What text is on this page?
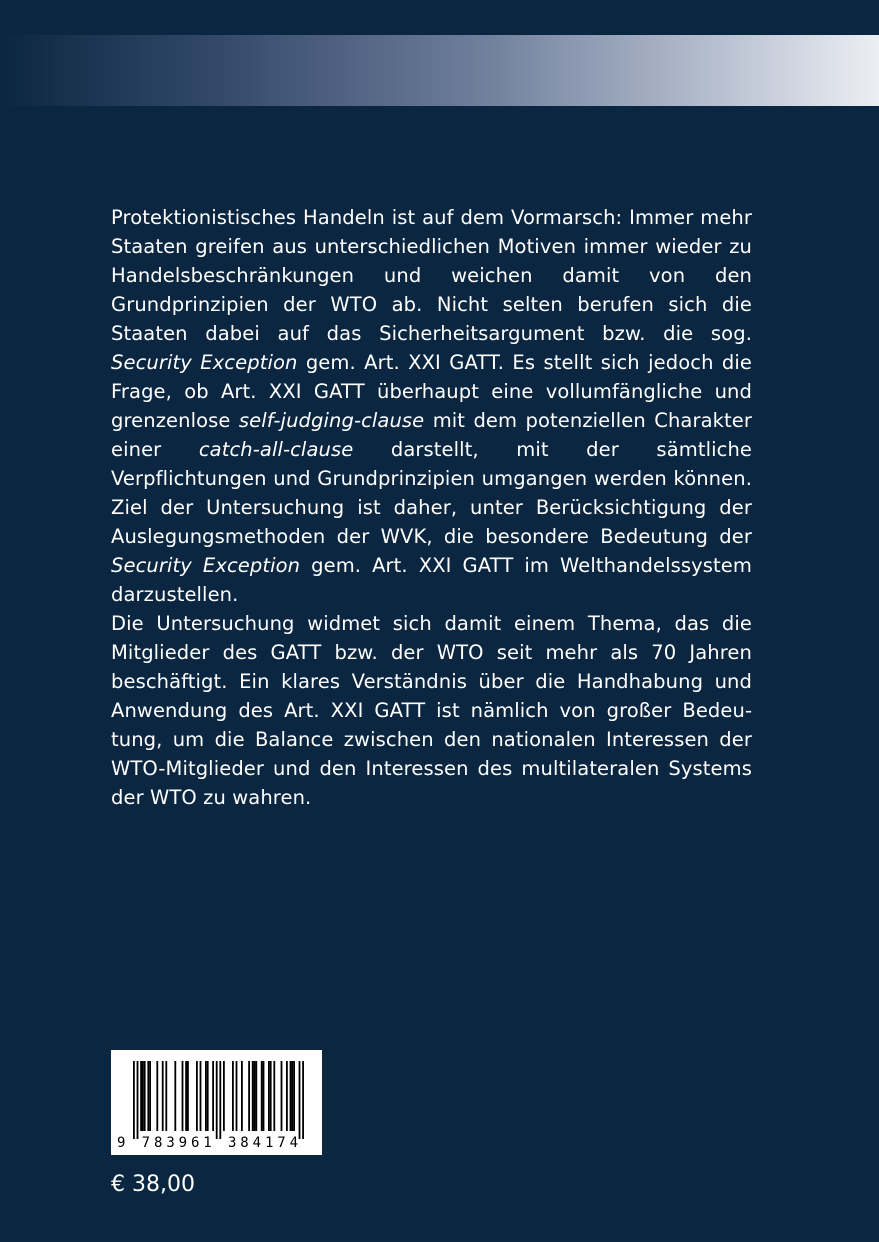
Protektionistisches Handeln ist auf dem Vormarsch: Immer mehr Staaten greifen aus unterschiedlichen Motiven immer wieder zu Handelsbeschränkungen und weichen damit von den Grundprinzipien der WTO ab. Nicht selten berufen sich die Staaten dabei auf das Sicherheitsargument bzw. die sog. Security Exception gem. Art. XXI GATT. Es stellt sich jedoch die Frage, ob Art. XXI GATT überhaupt eine vollumfängliche und grenzenlose self-judging-clause mit dem potenziellen Charakter einer catch-all-clause darstellt, mit der sämtliche Verpflichtungen und Grundprinzipien umgangen werden können. Ziel der Untersuchung ist daher, unter Berücksichtigung der Auslegungsmethoden der WVK, die besondere Bedeutung der Security Exception gem. Art. XXI GATT im Welthandelssystem darzustellen.

Die Untersuchung widmet sich damit einem Thema, das die Mitglieder des GATT bzw. der WTO seit mehr als 70 Jahren beschäftigt. Ein klares Verständnis über die Handhabung und Anwendung des Art. XXI GATT ist nämlich von großer Bedeutung, um die Balance zwischen den nationalen Interessen der WTO-Mitglieder und den Interessen des multilateralen Systems der WTO zu wahren.

9 783961 384174
€ 38,00
